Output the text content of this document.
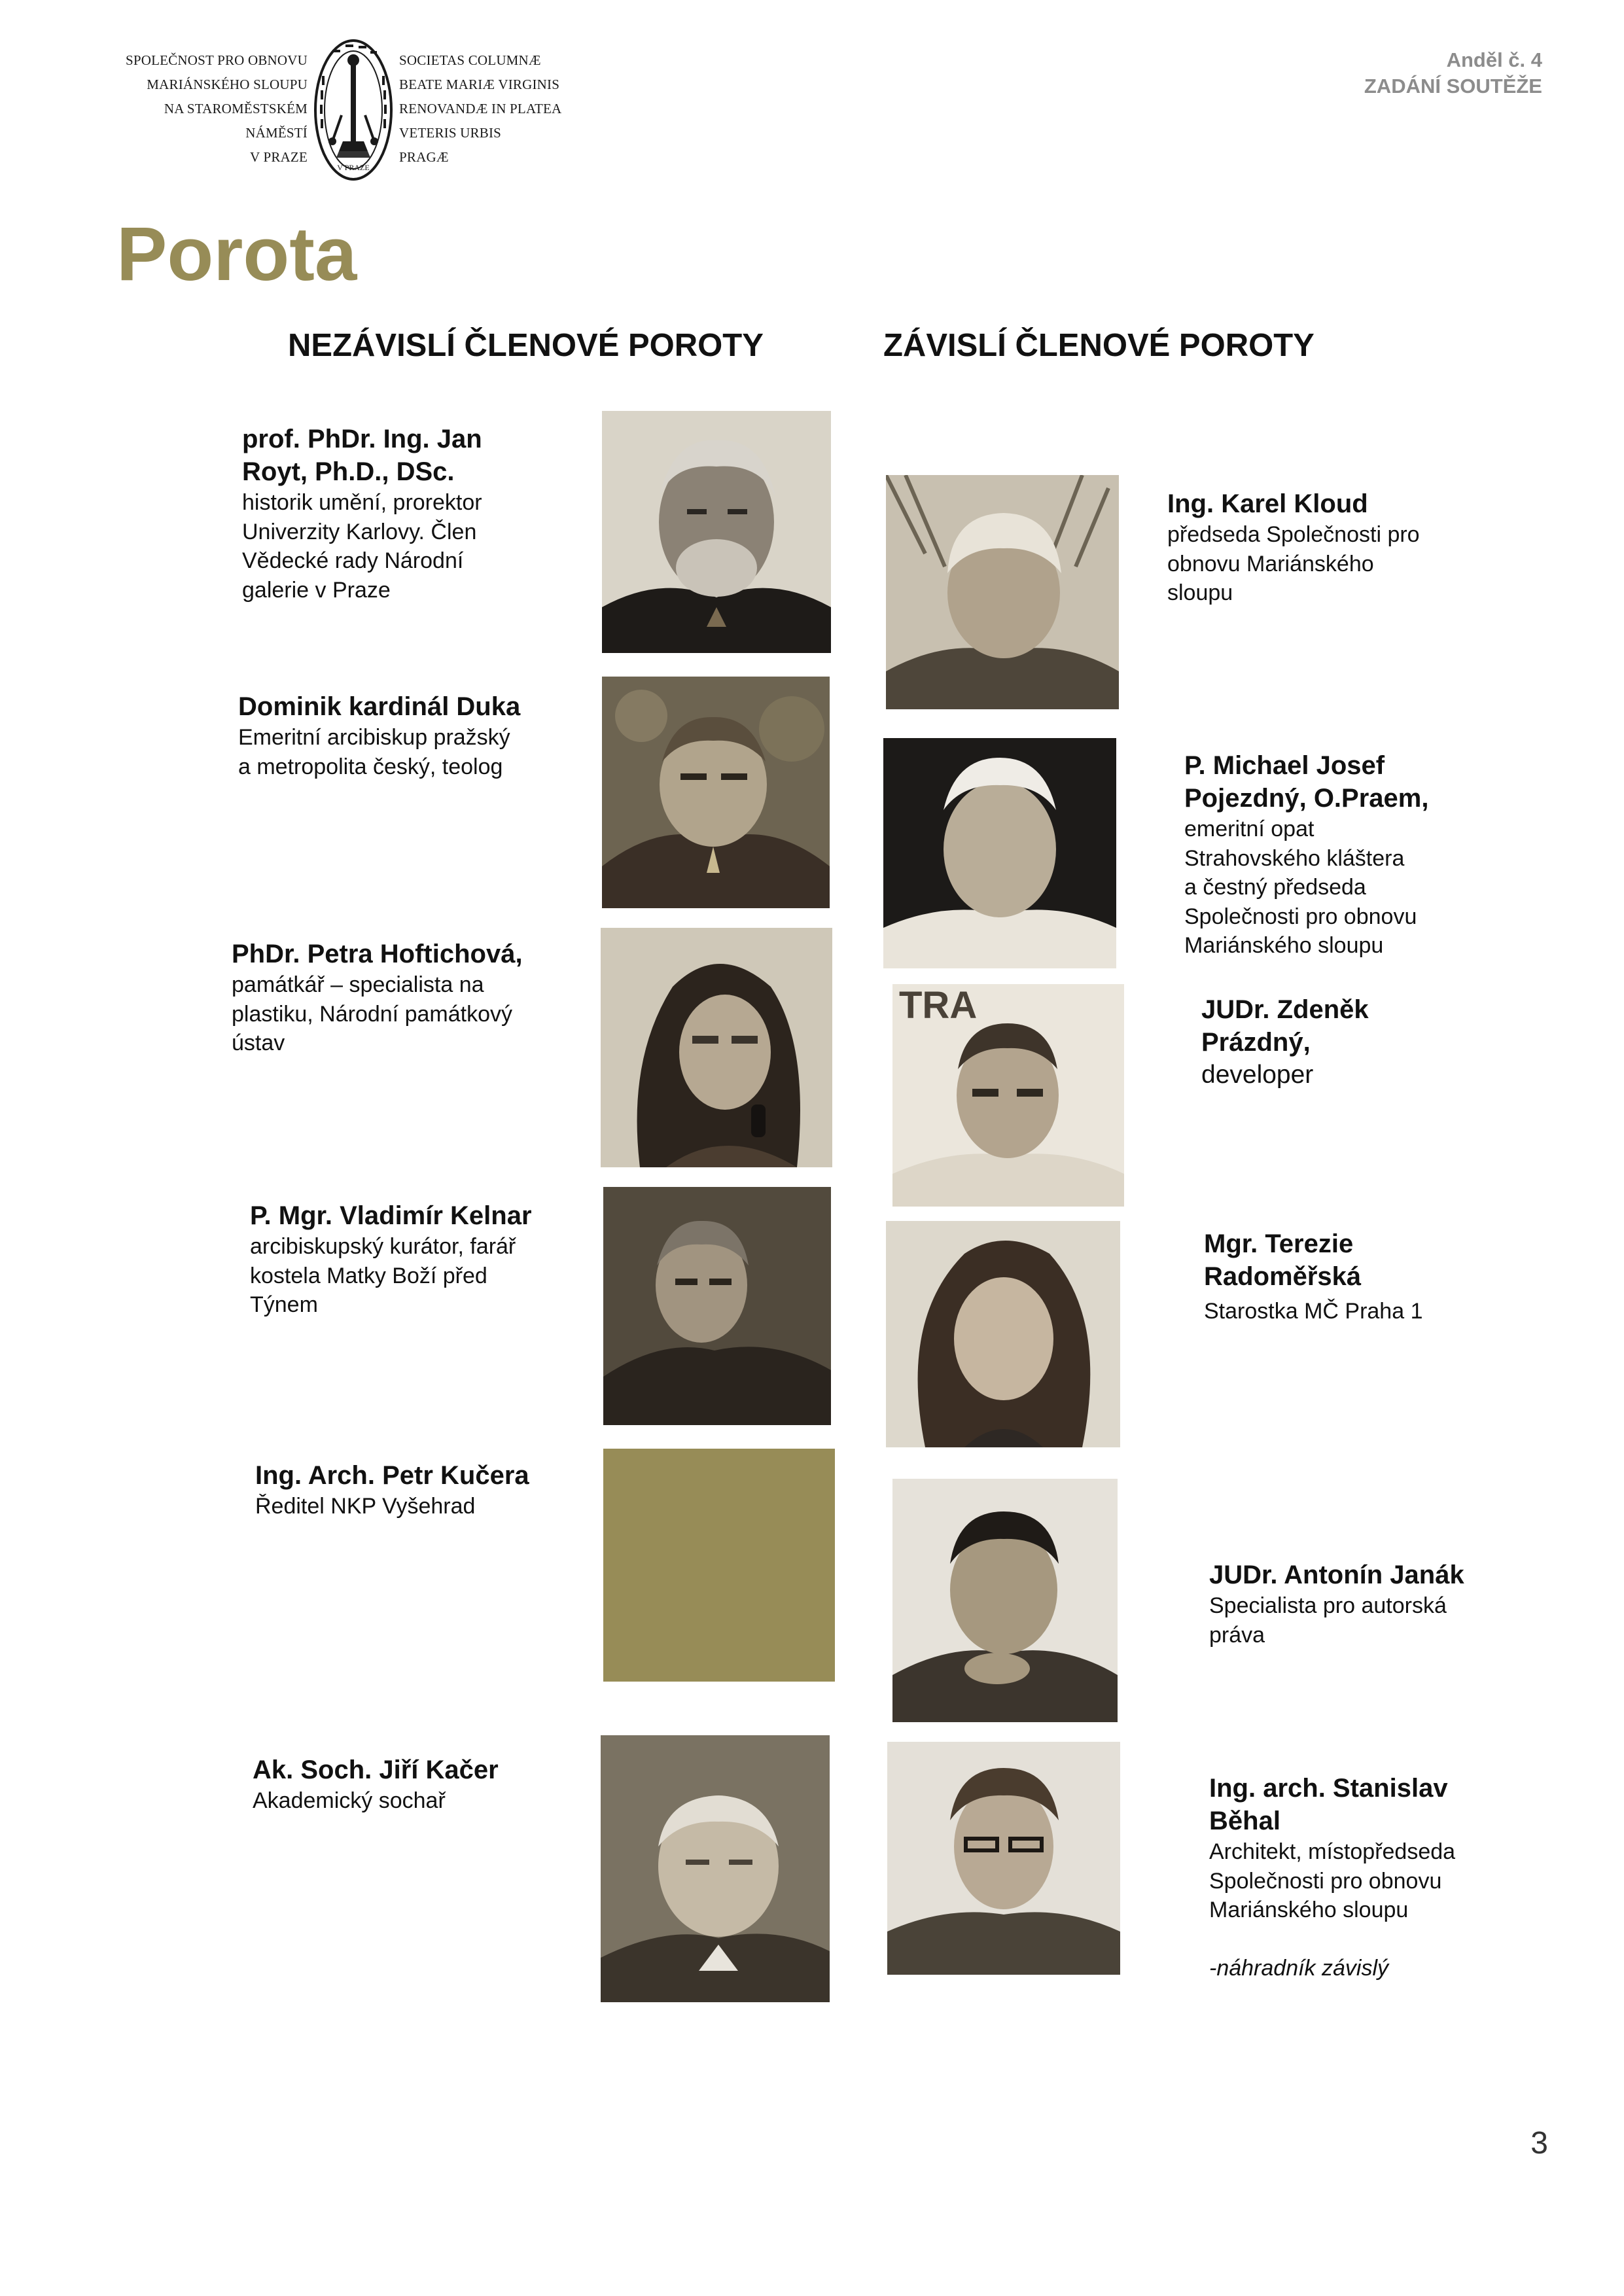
SPOLEČNOST PRO OBNOVU
MARIÁNSKÉHO SLOUPU
NA STAROMĚSTSKÉM
NÁMĚSTÍ
V PRAZE
V PRAZE
SOCIETAS COLUMNÆ
BEATE MARIÆ VIRGINIS
RENOVANDÆ IN PLATEA
VETERIS URBIS
PRAGÆ
Anděl č. 4
ZADÁNÍ SOUTĚŽE
Porota
NEZÁVISLÍ ČLENOVÉ POROTY	ZÁVISLÍ ČLENOVÉ POROTY
prof. PhDr. Ing. Jan
Royt, Ph.D., DSc.
historik umění, prorektor
Univerzity Karlovy. Člen
Vědecké rady Národní
galerie v Praze
Dominik kardinál Duka
Emeritní arcibiskup pražský
a metropolita český, teolog
PhDr. Petra Hoftichová,
památkář – specialista na
plastiku, Národní památkový
ústav
P. Mgr. Vladimír Kelnar
arcibiskupský kurátor, farář
kostela Matky Boží před
Týnem
Ing. Arch. Petr Kučera
Ředitel NKP Vyšehrad
Ak. Soch. Jiří Kačer
Akademický sochař
Ing. Karel Kloud
předseda Společnosti pro
obnovu Mariánského
sloupu
P. Michael Josef
Pojezdný, O.Praem,
emeritní opat
Strahovského kláštera
a čestný předseda
Společnosti pro obnovu
Mariánského sloupu
JUDr. Zdeněk
Prázdný,
developer
TRA
Mgr. Terezie
Radoměřská
Starostka MČ Praha 1
JUDr. Antonín Janák
Specialista pro autorská
práva
Ing. arch. Stanislav
Běhal
Architekt, místopředseda
Společnosti pro obnovu
Mariánského sloupu
-náhradník závislý
3
